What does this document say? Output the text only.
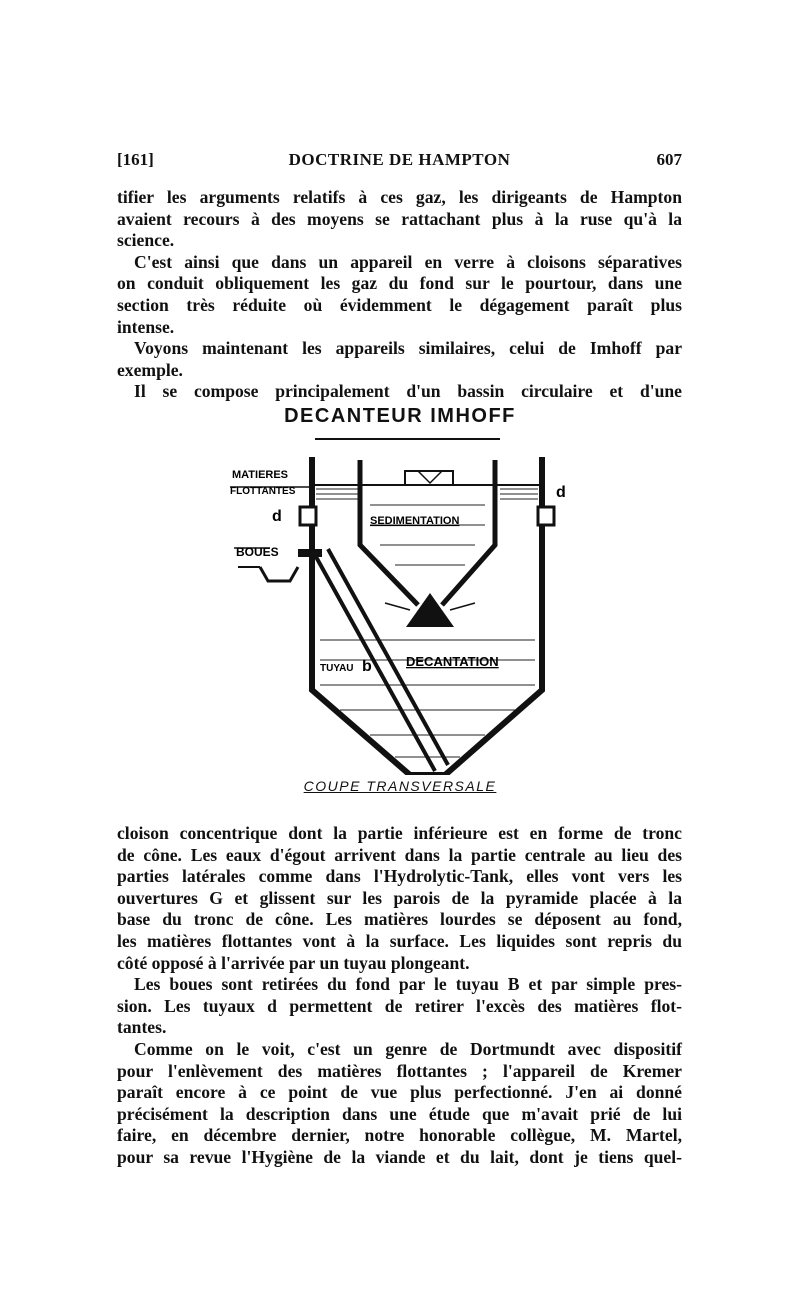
[161]	DOCTRINE DE HAMPTON	607

tifier les arguments relatifs à ces gaz, les dirigeants de Hampton
avaient recours à des moyens se rattachant plus à la ruse qu'à la

science.

C'est ainsi que dans un appareil en verre à cloisons séparatives
on conduit obliquement les gaz du fond sur le pourtour, dans une
section très réduite où évidemment le dégagement paraît plus

intense.

Voyons maintenant les appareils similaires, celui de Imhoff par

exemple.

Il se compose principalement d'un bassin circulaire et d'une

DECANTEUR IMHOFF
MATIERES
FLOTTANTES
d
d
SEDIMENTATION
BOUES
TUYAU b	DECANTATION
COUPE TRANSVERSALE

cloison concentrique dont la partie inférieure est en forme de tronc
de cône. Les eaux d'égout arrivent dans la partie centrale au lieu des
parties latérales comme dans l'Hydrolytic-Tank, elles vont vers les
ouvertures G et glissent sur les parois de la pyramide placée à la
base du tronc de cône. Les matières lourdes se déposent au fond,
les matières flottantes vont à la surface. Les liquides sont repris du

côté opposé à l'arrivée par un tuyau plongeant.

Les boues sont retirées du fond par le tuyau B et par simple pres-
sion. Les tuyaux d permettent de retirer l'excès des matières flot-

tantes.

Comme on le voit, c'est un genre de Dortmundt avec dispositif
pour l'enlèvement des matières flottantes ; l'appareil de Kremer
paraît encore à ce point de vue plus perfectionné. J'en ai donné
précisément la description dans une étude que m'avait prié de lui
faire, en décembre dernier, notre honorable collègue, M. Martel,
pour sa revue l'Hygiène de la viande et du lait, dont je tiens quel-
